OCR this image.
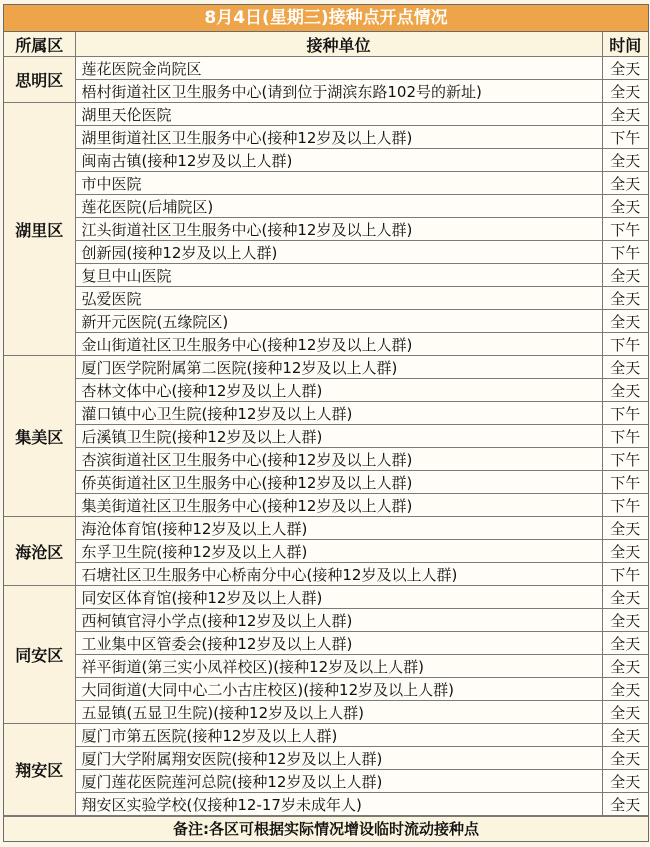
8月4日(星期三)接种点开点情况
所属区	接种单位	时间
思明区	莲花医院金尚院区	全天
	梧村街道社区卫生服务中心(请到位于湖滨东路102号的新址)	全天
湖里区	湖里天伦医院	全天
	湖里街道社区卫生服务中心(接种12岁及以上人群)	下午
	闽南古镇(接种12岁及以上人群)	全天
	市中医院	全天
	莲花医院(后埔院区)	全天
	江头街道社区卫生服务中心(接种12岁及以上人群)	下午
	创新园(接种12岁及以上人群)	下午
	复旦中山医院	全天
	弘爱医院	全天
	新开元医院(五缘院区)	全天
	金山街道社区卫生服务中心(接种12岁及以上人群)	下午
集美区	厦门医学院附属第二医院(接种12岁及以上人群)	全天
	杏林文体中心(接种12岁及以上人群)	全天
	灌口镇中心卫生院(接种12岁及以上人群)	下午
	后溪镇卫生院(接种12岁及以上人群)	下午
	杏滨街道社区卫生服务中心(接种12岁及以上人群)	下午
	侨英街道社区卫生服务中心(接种12岁及以上人群)	下午
	集美街道社区卫生服务中心(接种12岁及以上人群)	下午
海沧区	海沧体育馆(接种12岁及以上人群)	全天
	东孚卫生院(接种12岁及以上人群)	全天
	石塘社区卫生服务中心桥南分中心(接种12岁及以上人群)	下午
同安区	同安区体育馆(接种12岁及以上人群)	全天
	西柯镇官浔小学点(接种12岁及以上人群)	全天
	工业集中区管委会(接种12岁及以上人群)	全天
	祥平街道(第三实小凤祥校区)(接种12岁及以上人群)	全天
	大同街道(大同中心二小古庄校区)(接种12岁及以上人群)	全天
	五显镇(五显卫生院)(接种12岁及以上人群)	全天
翔安区	厦门市第五医院(接种12岁及以上人群)	全天
	厦门大学附属翔安医院(接种12岁及以上人群)	全天
	厦门莲花医院莲河总院(接种12岁及以上人群)	全天
	翔安区实验学校(仅接种12-17岁未成年人)	全天
备注:各区可根据实际情况增设临时流动接种点
